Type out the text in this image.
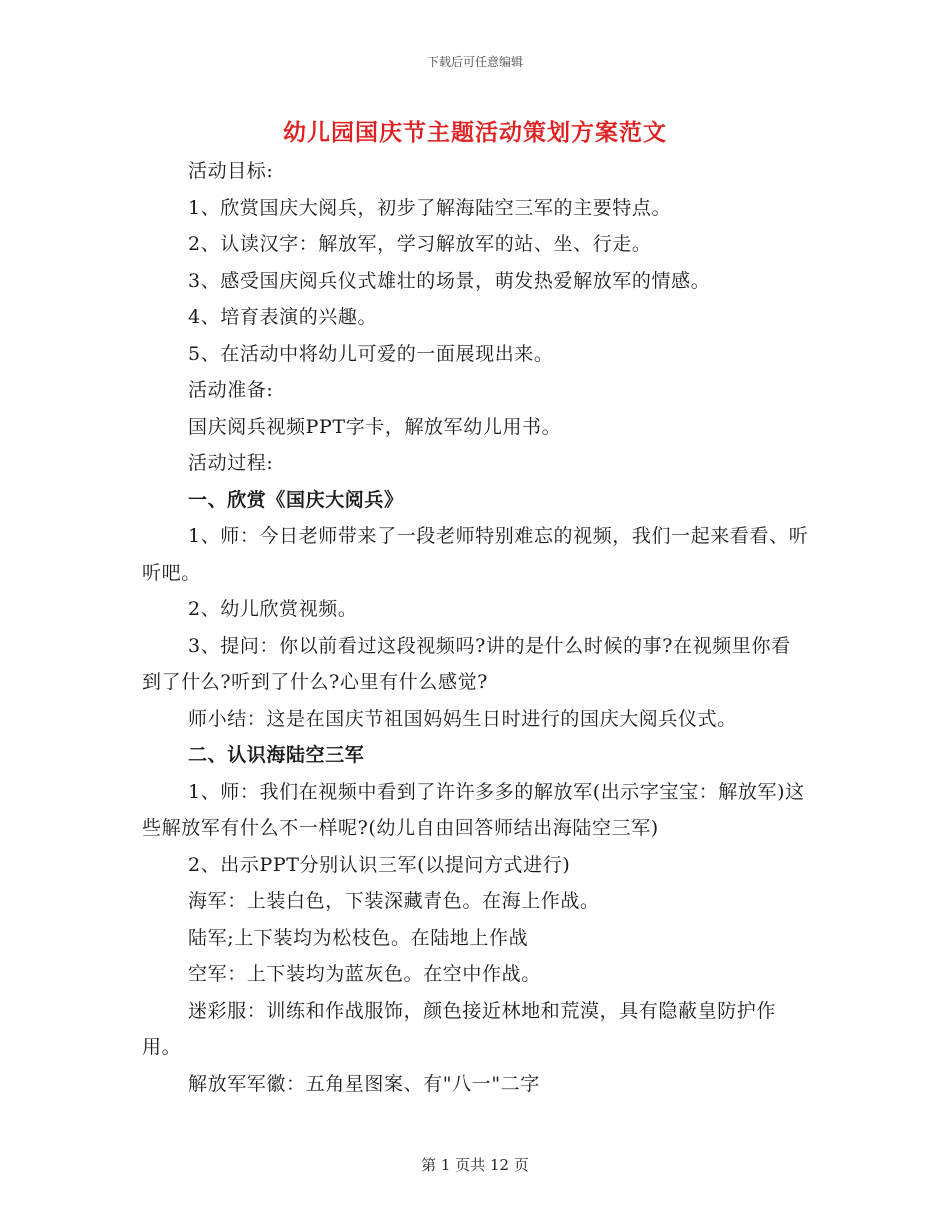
下载后可任意编辑
幼儿园国庆节主题活动策划方案范文

活动目标:

1、欣赏国庆大阅兵，初步了解海陆空三军的主要特点。

2、认读汉字：解放军，学习解放军的站、坐、行走。

3、感受国庆阅兵仪式雄壮的场景，萌发热爱解放军的情感。

4、培育表演的兴趣。

5、在活动中将幼儿可爱的一面展现出来。

活动准备:

国庆阅兵视频PPT字卡，解放军幼儿用书。

活动过程:

一、欣赏《国庆大阅兵》

1、师：今日老师带来了一段老师特别难忘的视频，我们一起来看看、听听吧。

2、幼儿欣赏视频。

3、提问：你以前看过这段视频吗?讲的是什么时候的事?在视频里你看到了什么?听到了什么?心里有什么感觉?

师小结：这是在国庆节祖国妈妈生日时进行的国庆大阅兵仪式。

二、认识海陆空三军

1、师：我们在视频中看到了许许多多的解放军(出示字宝宝：解放军)这些解放军有什么不一样呢?(幼儿自由回答师结出海陆空三军)

2、出示PPT分别认识三军(以提问方式进行)

海军：上装白色，下装深藏青色。在海上作战。

陆军;上下装均为松枝色。在陆地上作战

空军：上下装均为蓝灰色。在空中作战。

迷彩服：训练和作战服饰，颜色接近林地和荒漠，具有隐蔽皇防护作用。

解放军军徽：五角星图案、有"八一"二字

第 1 页共 12 页
